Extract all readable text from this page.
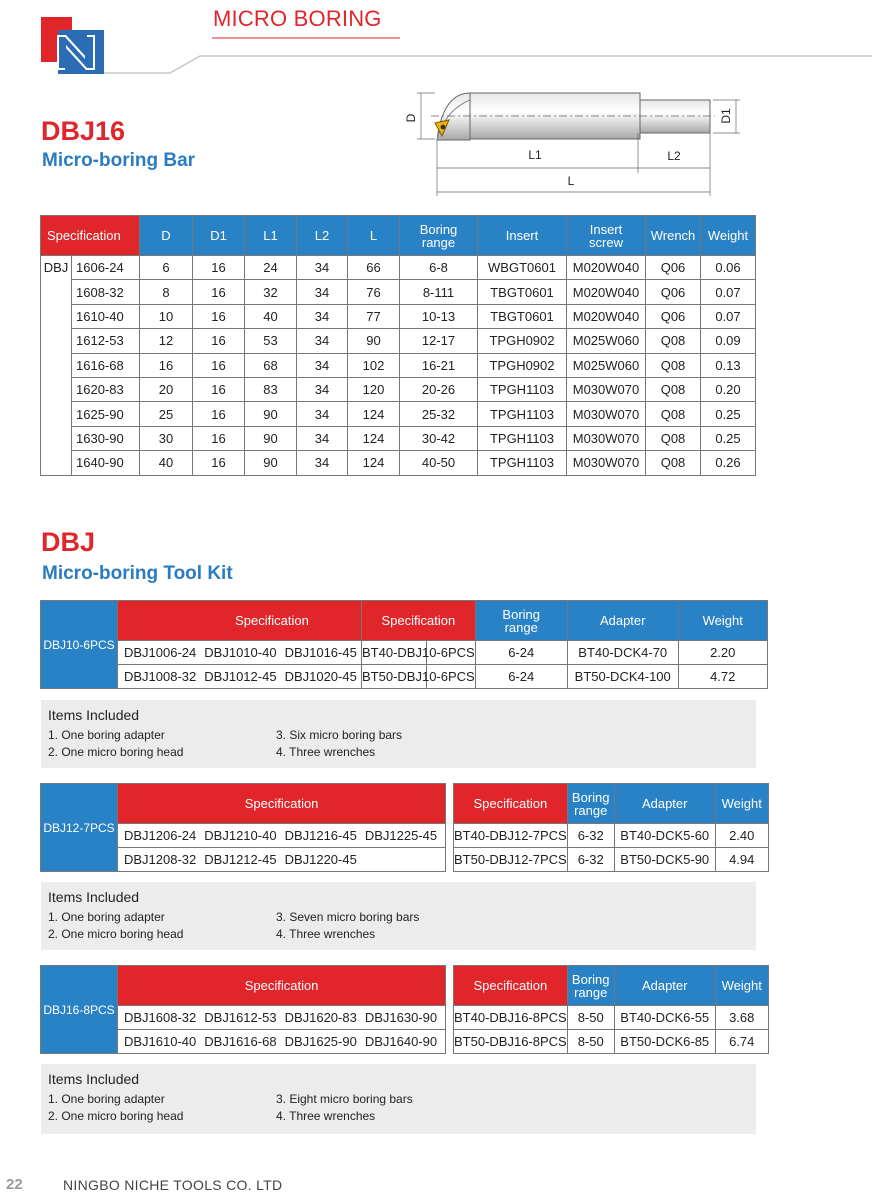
MICRO BORING
DBJ16
Micro-boring Bar
D	D1
L1	L2
L
Specification		D	D1	L1	L2	L	Boring
range	Insert	Insert
screw	Wrench	Weight
DBJ	1606-24	6	16	24	34	66	6-8	WBGT0601	M020W040	Q06	0.06
	1608-32	8	16	32	34	76	8-111	TBGT0601	M020W040	Q06	0.07
	1610-40	10	16	40	34	77	10-13	TBGT0601	M020W040	Q06	0.07
	1612-53	12	16	53	34	90	12-17	TPGH0902	M025W060	Q08	0.09
	1616-68	16	16	68	34	102	16-21	TPGH0902	M025W060	Q08	0.13
	1620-83	20	16	83	34	120	20-26	TPGH1103	M030W070	Q08	0.20
	1625-90	25	16	90	34	124	25-32	TPGH1103	M030W070	Q08	0.25
	1630-90	30	16	90	34	124	30-42	TPGH1103	M030W070	Q08	0.25
	1640-90	40	16	90	34	124	40-50	TPGH1103	M030W070	Q08	0.26
DBJ
Micro-boring Tool Kit
DBJ10-6PCS	Specification
DBJ1006-24 DBJ1010-40 DBJ1016-45
DBJ1008-32 DBJ1012-45 DBJ1020-45
Specification	Boring
range	Adapter	Weight
BT40-DBJ10-6PCS	6-24	BT40-DCK4-70	2.20
BT50-DBJ10-6PCS	6-24	BT50-DCK4-100	4.72
Items Included
1. One boring adapter
2. One micro boring head
3. Six micro boring bars
4. Three wrenches
DBJ12-7PCS	Specification
DBJ1206-24 DBJ1210-40 DBJ1216-45 DBJ1225-45
DBJ1208-32 DBJ1212-45 DBJ1220-45
Specification	Boring
range	Adapter	Weight
BT40-DBJ12-7PCS	6-32	BT40-DCK5-60	2.40
BT50-DBJ12-7PCS	6-32	BT50-DCK5-90	4.94
Items Included
1. One boring adapter
2. One micro boring head
3. Seven micro boring bars
4. Three wrenches
DBJ16-8PCS	Specification
DBJ1608-32 DBJ1612-53 DBJ1620-83 DBJ1630-90
DBJ1610-40 DBJ1616-68 DBJ1625-90 DBJ1640-90
Specification	Boring
range	Adapter	Weight
BT40-DBJ16-8PCS	8-50	BT40-DCK6-55	3.68
BT50-DBJ16-8PCS	8-50	BT50-DCK6-85	6.74
Items Included
1. One boring adapter
2. One micro boring head
3. Eight micro boring bars
4. Three wrenches
22	NINGBO NICHE TOOLS CO. LTD
